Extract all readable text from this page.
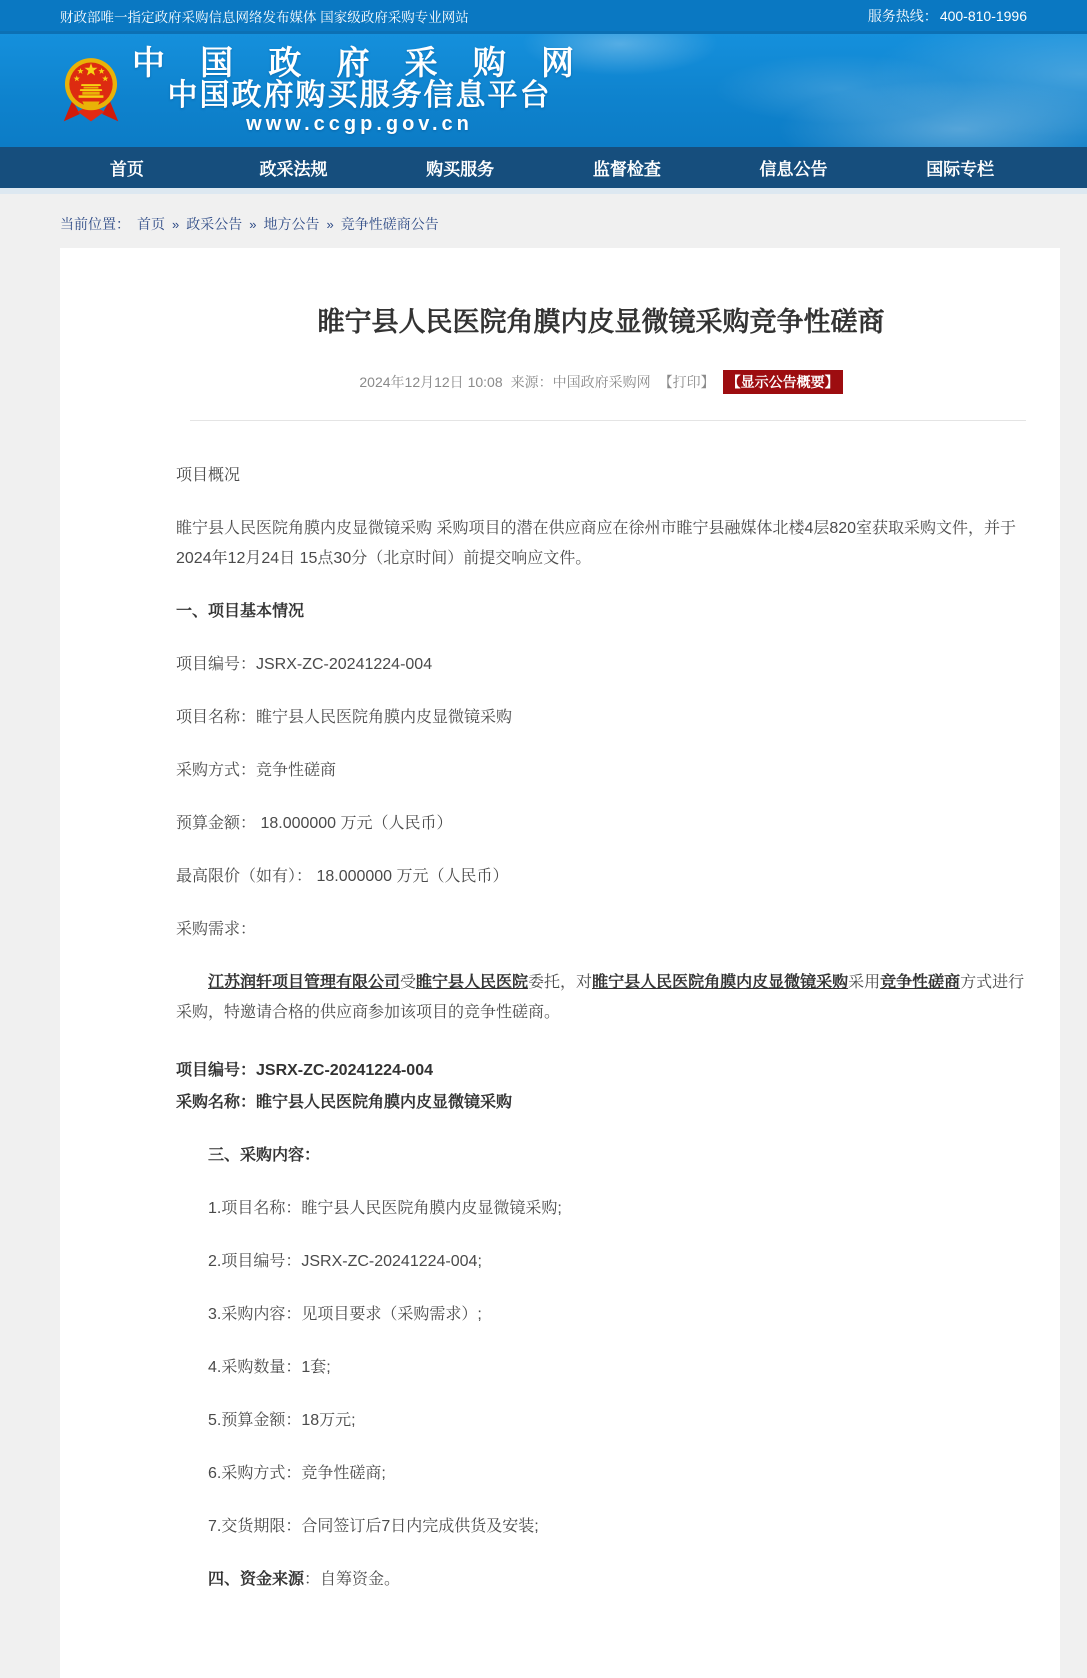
财政部唯一指定政府采购信息网络发布媒体 国家级政府采购专业网站	服务热线： 400-810-1996
中 国 政 府 采 购 网
中国政府购买服务信息平台
www.ccgp.gov.cn
首页	政采法规	购买服务	监督检查	信息公告	国际专栏
当前位置： 首页 » 政采公告 » 地方公告 » 竞争性磋商公告
睢宁县人民医院角膜内皮显微镜采购竞争性磋商
2024年12月12日 10:08 来源：中国政府采购网 【打印】 【显示公告概要】

项目概况

睢宁县人民医院角膜内皮显微镜采购 采购项目的潜在供应商应在徐州市睢宁县融媒体北楼4层820室获取采购文件，并于2024年12月24日 15点30分（北京时间）前提交响应文件。

一、项目基本情况

项目编号：JSRX-ZC-20241224-004

项目名称：睢宁县人民医院角膜内皮显微镜采购

采购方式：竞争性磋商

预算金额： 18.000000 万元（人民币）

最高限价（如有）： 18.000000 万元（人民币）

采购需求：

江苏润轩项目管理有限公司受睢宁县人民医院委托，对睢宁县人民医院角膜内皮显微镜采购采用竞争性磋商方式进行采购，特邀请合格的供应商参加该项目的竞争性磋商。

项目编号：JSRX-ZC-20241224-004

采购名称：睢宁县人民医院角膜内皮显微镜采购

三、采购内容：

1.项目名称：睢宁县人民医院角膜内皮显微镜采购;

2.项目编号：JSRX-ZC-20241224-004;

3.采购内容：见项目要求（采购需求）;

4.采购数量：1套;

5.预算金额：18万元;

6.采购方式：竞争性磋商;

7.交货期限：合同签订后7日内完成供货及安装;

四、资金来源：自筹资金。
